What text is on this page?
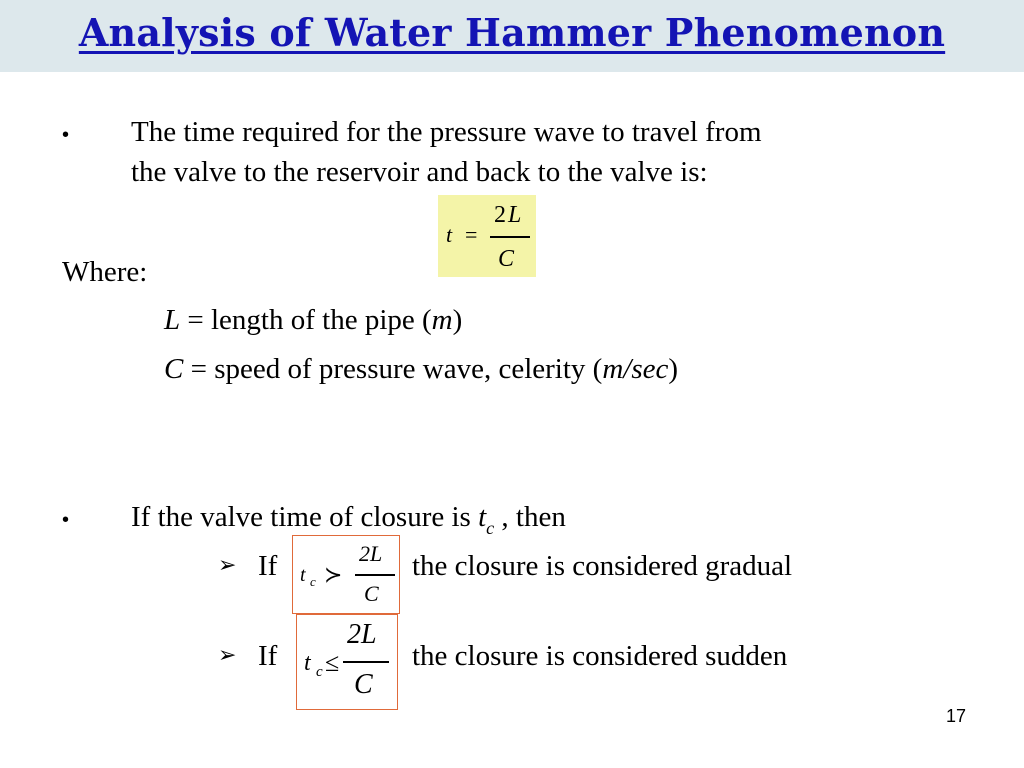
Analysis of Water Hammer Phenomenon
• The time required for the pressure wave to travel from
the valve to the reservoir and back to the valve is:
t =
2 L
C
Where:
L = length of the pipe (m)
C = speed of pressure wave, celerity (m/sec)
• If the valve time of closure is $t_c$ , then
➢ If t c ≻
2L
C
the closure is considered gradual
➢ If t c ≤
2L
C
the closure is considered sudden
17
